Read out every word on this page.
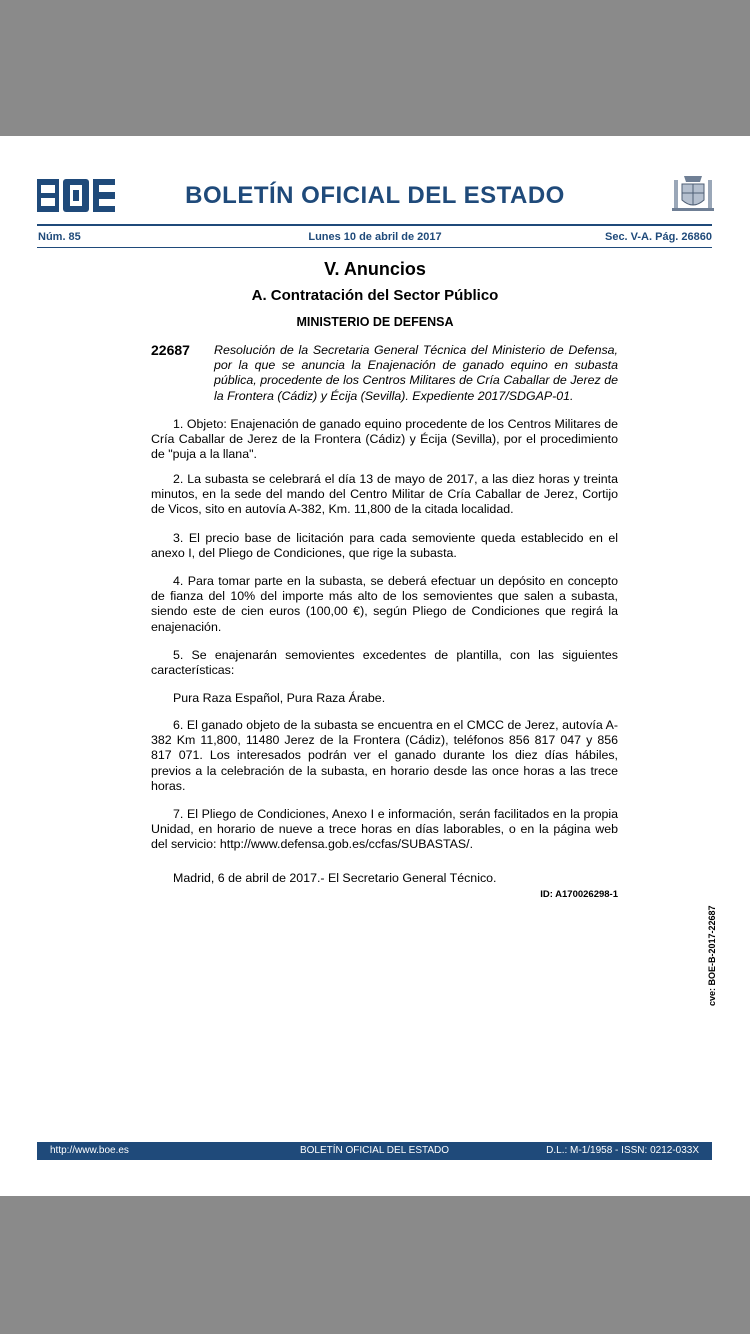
BOLETÍN OFICIAL DEL ESTADO
Núm. 85	Lunes 10 de abril de 2017	Sec. V-A. Pág. 26860
V. Anuncios
A. Contratación del Sector Público
MINISTERIO DE DEFENSA
22687 Resolución de la Secretaria General Técnica del Ministerio de Defensa, por la que se anuncia la Enajenación de ganado equino en subasta pública, procedente de los Centros Militares de Cría Caballar de Jerez de la Frontera (Cádiz) y Écija (Sevilla). Expediente 2017/SDGAP-01.
1. Objeto: Enajenación de ganado equino procedente de los Centros Militares de Cría Caballar de Jerez de la Frontera (Cádiz) y Écija (Sevilla), por el procedimiento de "puja a la llana".
2. La subasta se celebrará el día 13 de mayo de 2017, a las diez horas y treinta minutos, en la sede del mando del Centro Militar de Cría Caballar de Jerez, Cortijo de Vicos, sito en autovía A-382, Km. 11,800 de la citada localidad.
3. El precio base de licitación para cada semoviente queda establecido en el anexo I, del Pliego de Condiciones, que rige la subasta.
4. Para tomar parte en la subasta, se deberá efectuar un depósito en concepto de fianza del 10% del importe más alto de los semovientes que salen a subasta, siendo este de cien euros (100,00 €), según Pliego de Condiciones que regirá la enajenación.
5. Se enajenarán semovientes excedentes de plantilla, con las siguientes características:
Pura Raza Español, Pura Raza Árabe.
6. El ganado objeto de la subasta se encuentra en el CMCC de Jerez, autovía A-382 Km 11,800, 11480 Jerez de la Frontera (Cádiz), teléfonos 856 817 047 y 856 817 071. Los interesados podrán ver el ganado durante los diez días hábiles, previos a la celebración de la subasta, en horario desde las once horas a las trece horas.
7. El Pliego de Condiciones, Anexo I e información, serán facilitados en la propia Unidad, en horario de nueve a trece horas en días laborables, o en la página web del servicio: http://www.defensa.gob.es/ccfas/SUBASTAS/.
Madrid, 6 de abril de 2017.- El Secretario General Técnico.
ID: A170026298-1
cve: BOE-B-2017-22687
http://www.boe.es	BOLETÍN OFICIAL DEL ESTADO	D.L.: M-1/1958 - ISSN: 0212-033X
